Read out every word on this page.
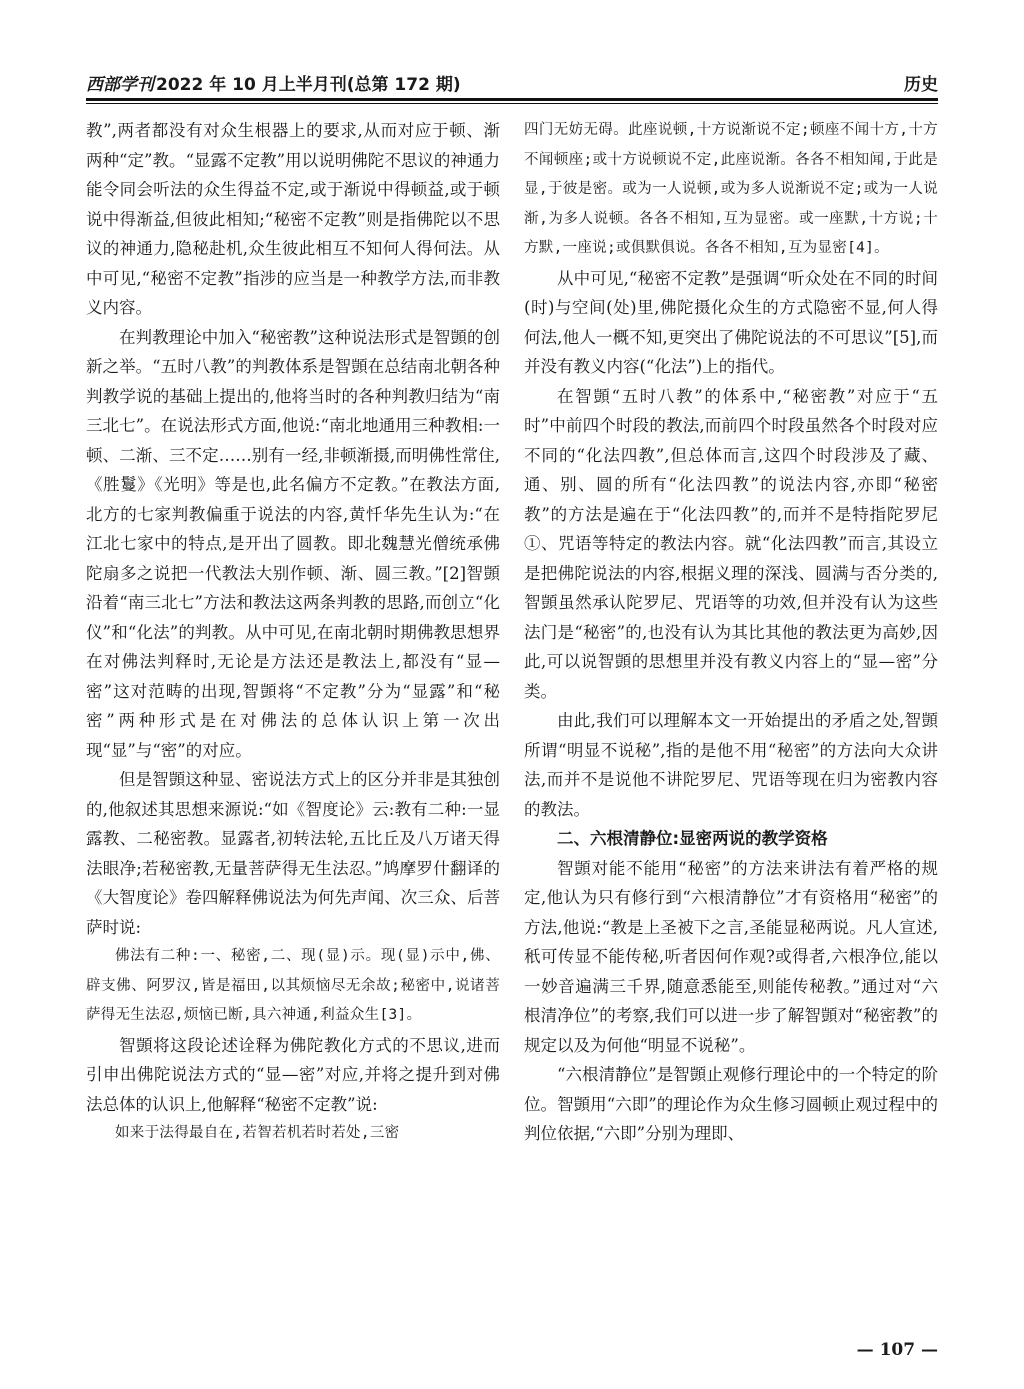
西部学刊 2022 年 10 月上半月刊(总第 172 期)	历史

教”,两者都没有对众生根器上的要求,从而对应于顿、渐两种“定”教。“显露不定教”用以说明佛陀不思议的神通力能令同会听法的众生得益不定,或于渐说中得顿益,或于顿说中得渐益,但彼此相知;“秘密不定教”则是指佛陀以不思议的神通力,隐秘赴机,众生彼此相互不知何人得何法。从中可见,“秘密不定教”指涉的应当是一种教学方法,而非教义内容。

在判教理论中加入“秘密教”这种说法形式是智顗的创新之举。“五时八教”的判教体系是智顗在总结南北朝各种判教学说的基础上提出的,他将当时的各种判教归结为“南三北七”。在说法形式方面,他说:“南北地通用三种教相:一顿、二渐、三不定……别有一经,非顿渐摄,而明佛性常住,《胜鬘》《光明》等是也,此名偏方不定教。”在教法方面,北方的七家判教偏重于说法的内容,黄忏华先生认为:“在江北七家中的特点,是开出了圆教。即北魏慧光僧统承佛陀扇多之说把一代教法大别作顿、渐、圆三教。”[2]智顗沿着“南三北七”方法和教法这两条判教的思路,而创立“化仪”和“化法”的判教。从中可见,在南北朝时期佛教思想界在对佛法判释时,无论是方法还是教法上,都没有“显—密”这对范畴的出现,智顗将“不定教”分为“显露”和“秘密”两种形式是在对佛法的总体认识上第一次出现“显”与“密”的对应。

但是智顗这种显、密说法方式上的区分并非是其独创的,他叙述其思想来源说:“如《智度论》云:教有二种:一显露教、二秘密教。显露者,初转法轮,五比丘及八万诸天得法眼净;若秘密教,无量菩萨得无生法忍。”鸠摩罗什翻译的《大智度论》卷四解释佛说法为何先声闻、次三众、后菩萨时说:

佛法有二种:一、秘密,二、现(显)示。现(显)示中,佛、辟支佛、阿罗汉,皆是福田,以其烦恼尽无余故;秘密中,说诸菩萨得无生法忍,烦恼已断,具六神通,利益众生[3]。

智顗将这段论述诠释为佛陀教化方式的不思议,进而引申出佛陀说法方式的“显—密”对应,并将之提升到对佛法总体的认识上,他解释“秘密不定教”说:

如来于法得最自在,若智若机若时若处,三密

四门无妨无碍。此座说顿,十方说渐说不定;顿座不闻十方,十方不闻顿座;或十方说顿说不定,此座说渐。各各不相知闻,于此是显,于彼是密。或为一人说顿,或为多人说渐说不定;或为一人说渐,为多人说顿。各各不相知,互为显密。或一座默,十方说;十方默,一座说;或俱默俱说。各各不相知,互为显密[4]。

从中可见,“秘密不定教”是强调“听众处在不同的时间(时)与空间(处)里,佛陀摄化众生的方式隐密不显,何人得何法,他人一概不知,更突出了佛陀说法的不可思议”[5],而并没有教义内容(“化法”)上的指代。

在智顗“五时八教”的体系中,“秘密教”对应于“五时”中前四个时段的教法,而前四个时段虽然各个时段对应不同的“化法四教”,但总体而言,这四个时段涉及了藏、通、别、圆的所有“化法四教”的说法内容,亦即“秘密教”的方法是遍在于“化法四教”的,而并不是特指陀罗尼①、咒语等特定的教法内容。就“化法四教”而言,其设立是把佛陀说法的内容,根据义理的深浅、圆满与否分类的,智顗虽然承认陀罗尼、咒语等的功效,但并没有认为这些法门是“秘密”的,也没有认为其比其他的教法更为高妙,因此,可以说智顗的思想里并没有教义内容上的“显—密”分类。

由此,我们可以理解本文一开始提出的矛盾之处,智顗所谓“明显不说秘”,指的是他不用“秘密”的方法向大众讲法,而并不是说他不讲陀罗尼、咒语等现在归为密教内容的教法。

二、六根清静位:显密两说的教学资格

智顗对能不能用“秘密”的方法来讲法有着严格的规定,他认为只有修行到“六根清静位”才有资格用“秘密”的方法,他说:“教是上圣被下之言,圣能显秘两说。凡人宣述,秖可传显不能传秘,听者因何作观?或得者,六根净位,能以一妙音遍满三千界,随意悉能至,则能传秘教。”通过对“六根清净位”的考察,我们可以进一步了解智顗对“秘密教”的规定以及为何他“明显不说秘”。

“六根清静位”是智顗止观修行理论中的一个特定的阶位。智顗用“六即”的理论作为众生修习圆顿止观过程中的判位依据,“六即”分别为理即、

— 107 —
